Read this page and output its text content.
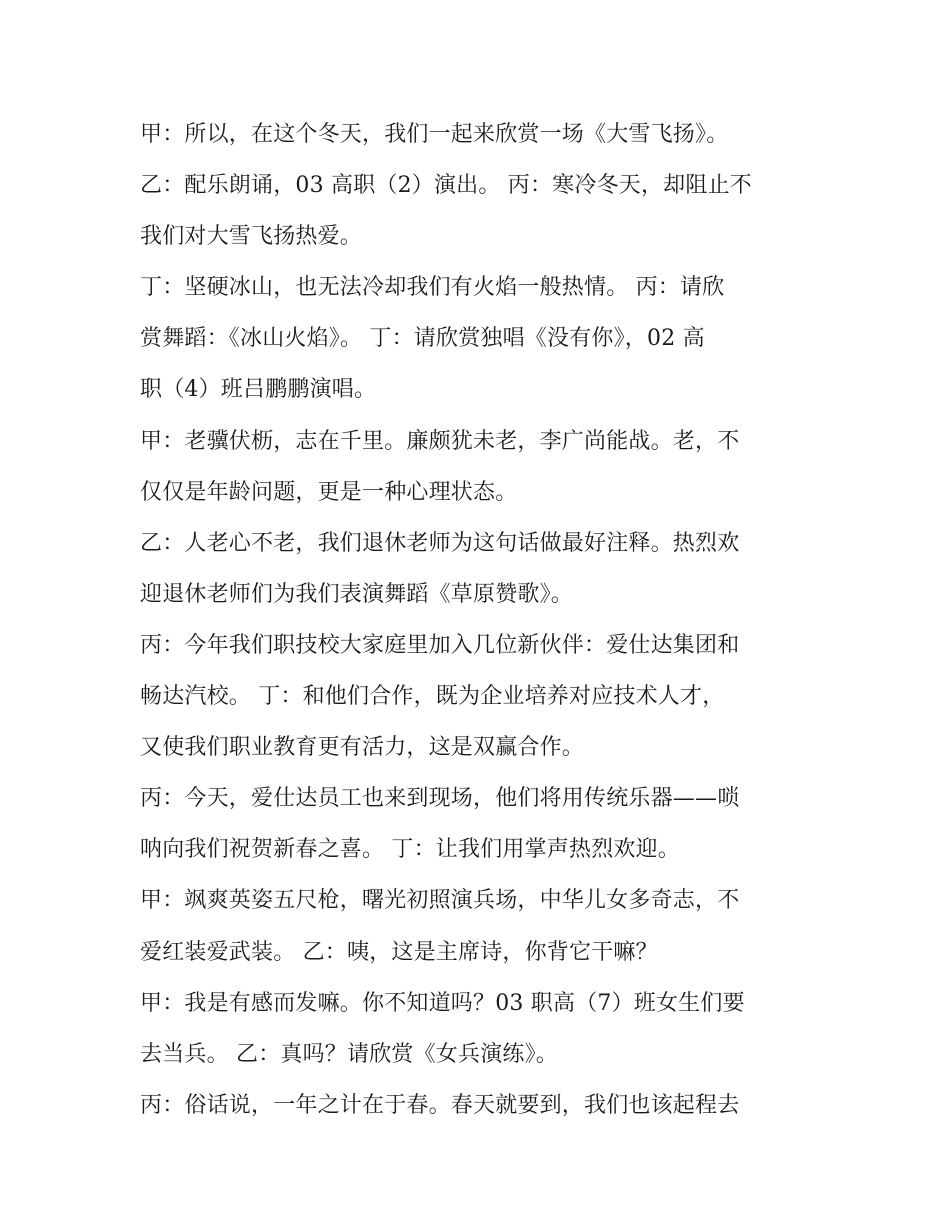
甲：所以，在这个冬天，我们一起来欣赏一场《大雪飞扬》。
乙：配乐朗诵，03 高职（2）演出。 丙：寒冷冬天，却阻止不
我们对大雪飞扬热爱。
丁：坚硬冰山，也无法冷却我们有火焰一般热情。 丙：请欣
赏舞蹈：《冰山火焰》。 丁：请欣赏独唱《没有你》，02 高
职（4）班吕鹏鹏演唱。
甲：老骥伏枥，志在千里。廉颇犹未老，李广尚能战。老，不
仅仅是年龄问题，更是一种心理状态。
乙：人老心不老，我们退休老师为这句话做最好注释。热烈欢
迎退休老师们为我们表演舞蹈《草原赞歌》。
丙：今年我们职技校大家庭里加入几位新伙伴：爱仕达集团和
畅达汽校。 丁：和他们合作，既为企业培养对应技术人才，
又使我们职业教育更有活力，这是双赢合作。
丙：今天，爱仕达员工也来到现场，他们将用传统乐器——唢
呐向我们祝贺新春之喜。 丁：让我们用掌声热烈欢迎。
甲：飒爽英姿五尺枪，曙光初照演兵场，中华儿女多奇志，不
爱红装爱武装。 乙：咦，这是主席诗，你背它干嘛？
甲：我是有感而发嘛。你不知道吗？03 职高（7）班女生们要
去当兵。 乙：真吗？请欣赏《女兵演练》。
丙：俗话说，一年之计在于春。春天就要到，我们也该起程去
